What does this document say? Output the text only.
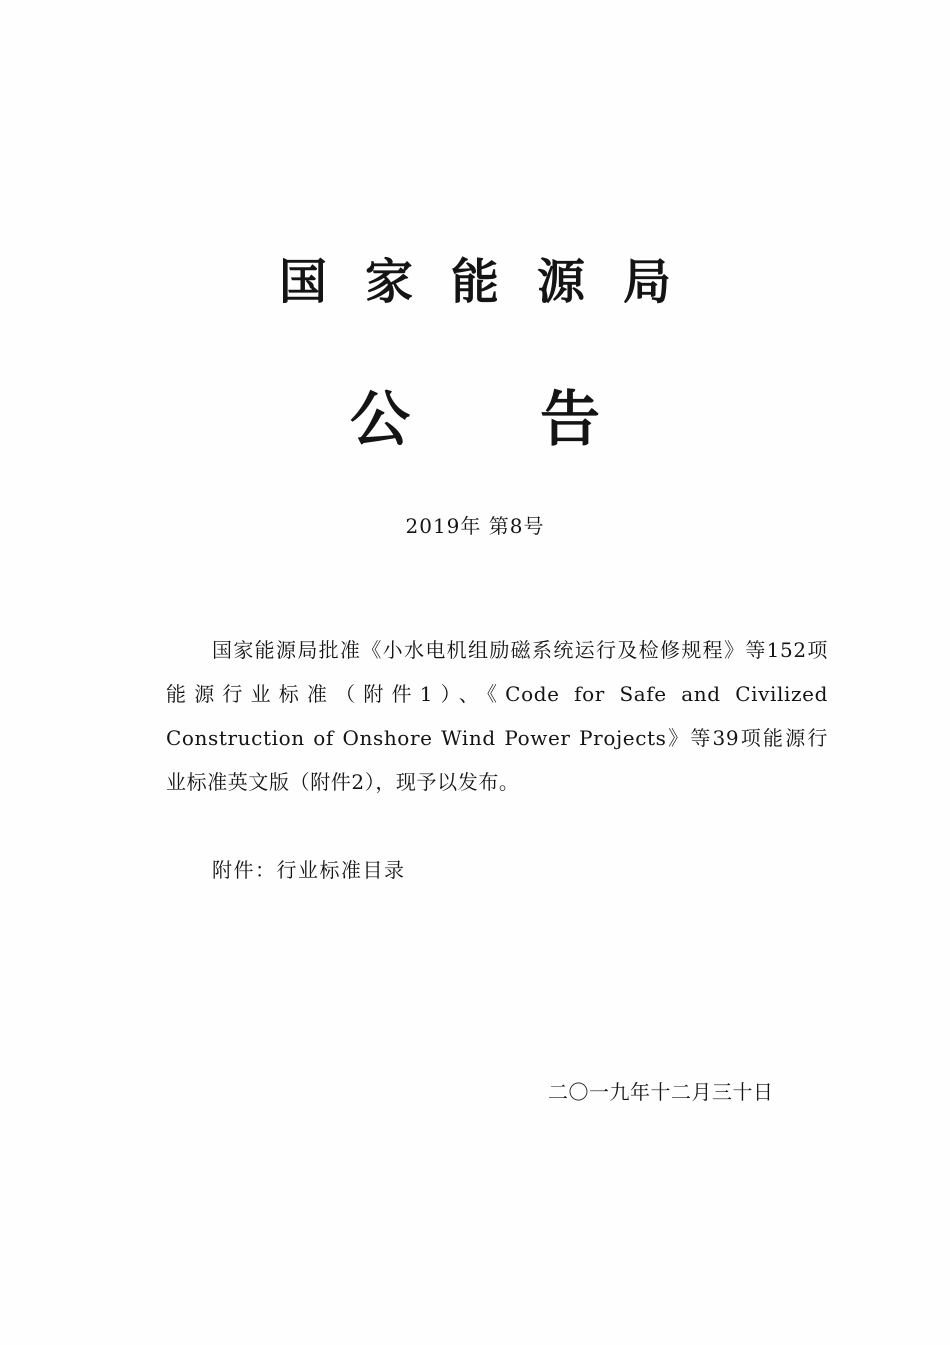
国家能源局
公告
2019年 第8号

国家能源局批准《小水电机组励磁系统运行及检修规程》等152项能源行业标准（附件1）、《Code for Safe and Civilized Construction of Onshore Wind Power Projects》等39项能源行业标准英文版（附件2），现予以发布。

附件：行业标准目录
二〇一九年十二月三十日
